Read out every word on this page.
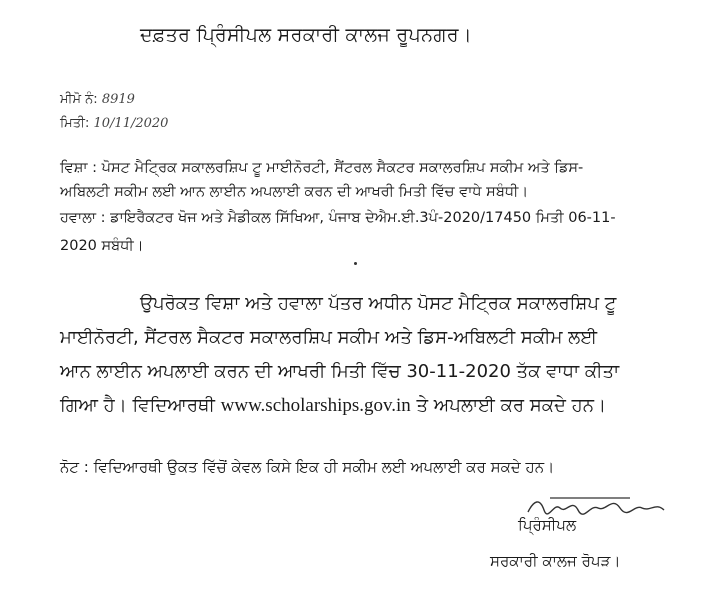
ਦਫ਼ਤਰ ਪ੍ਰਿੰਸੀਪਲ ਸਰਕਾਰੀ ਕਾਲਜ ਰੂਪਨਗਰ।
ਮੀਮੋ ਨੰ: 8919
ਮਿਤੀ: 10/11/2020
ਵਿਸ਼ਾ : ਪੋਸਟ ਮੈਟ੍ਰਿਕ ਸਕਾਲਰਸ਼ਿਪ ਟੂ ਮਾਈਨੋਰਟੀ, ਸੈਂਟਰਲ ਸੈਕਟਰ ਸਕਾਲਰਸ਼ਿਪ ਸਕੀਮ ਅਤੇ ਡਿਸ-
ਅਬਿਲਟੀ ਸਕੀਮ ਲਈ ਆਨ ਲਾਈਨ ਅਪਲਾਈ ਕਰਨ ਦੀ ਆਖਰੀ ਮਿਤੀ ਵਿੱਚ ਵਾਧੇ ਸਬੰਧੀ।
ਹਵਾਲਾ : ਡਾਇਰੈਕਟਰ ਖੋਜ ਅਤੇ ਮੈਡੀਕਲ ਸਿੱਖਿਆ, ਪੰਜਾਬ ਦੇਐਮ.ਈ.3ਪੰ-2020/17450 ਮਿਤੀ 06-11-
2020 ਸਬੰਧੀ।
ਉਪਰੋਕਤ ਵਿਸ਼ਾ ਅਤੇ ਹਵਾਲਾ ਪੱਤਰ ਅਧੀਨ ਪੋਸਟ ਮੈਟ੍ਰਿਕ ਸਕਾਲਰਸ਼ਿਪ ਟੂ
ਮਾਈਨੋਰਟੀ, ਸੈਂਟਰਲ ਸੈਕਟਰ ਸਕਾਲਰਸ਼ਿਪ ਸਕੀਮ ਅਤੇ ਡਿਸ-ਅਬਿਲਟੀ ਸਕੀਮ ਲਈ
ਆਨ ਲਾਈਨ ਅਪਲਾਈ ਕਰਨ ਦੀ ਆਖਰੀ ਮਿਤੀ ਵਿੱਚ 30-11-2020 ਤੱਕ ਵਾਧਾ ਕੀਤਾ
ਗਿਆ ਹੈ। ਵਿਦਿਆਰਥੀ www.scholarships.gov.in ਤੇ ਅਪਲਾਈ ਕਰ ਸਕਦੇ ਹਨ।
ਨੋਟ : ਵਿਦਿਆਰਥੀ ਉਕਤ ਵਿੱਚੋਂ ਕੇਵਲ ਕਿਸੇ ਇਕ ਹੀ ਸਕੀਮ ਲਈ ਅਪਲਾਈ ਕਰ ਸਕਦੇ ਹਨ।
ਪ੍ਰਿੰਸੀਪਲ
ਸਰਕਾਰੀ ਕਾਲਜ ਰੋਪੜ।
